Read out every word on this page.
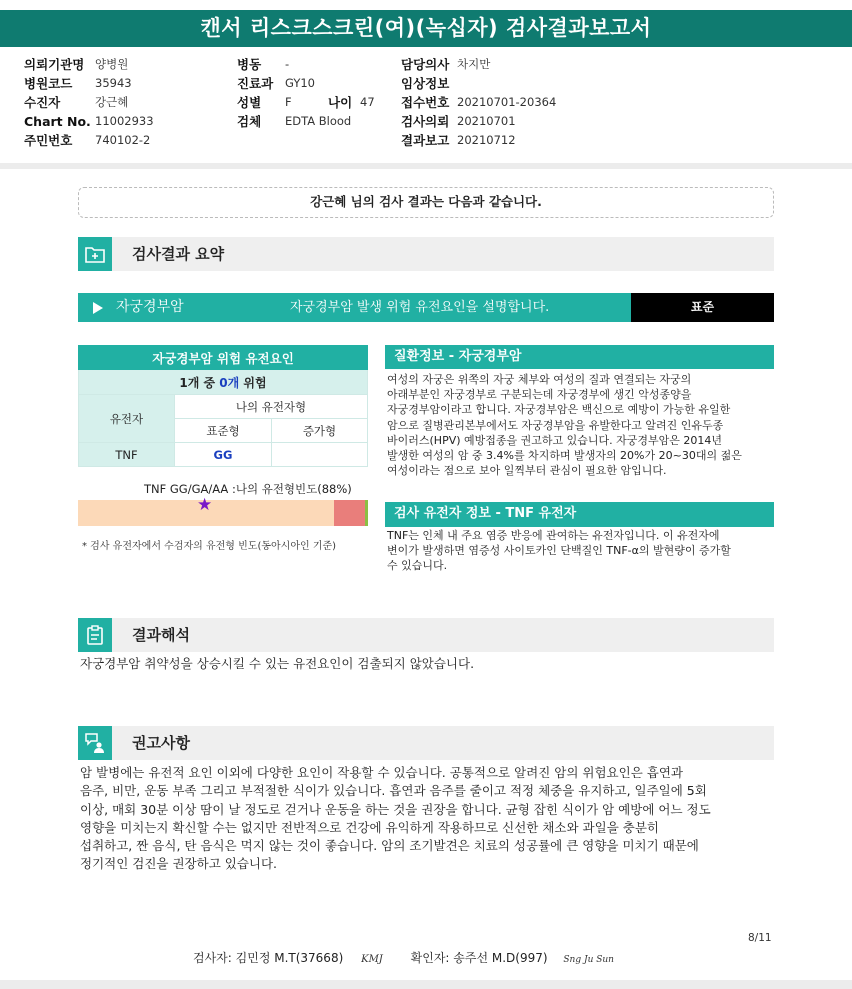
캔서 리스크스크린(여)(녹십자) 검사결과보고서
의뢰기관명 양병원
병원코드	35943
수진자	강근혜
Chart No. 11002933
주민번호	740102-2
병동	-
진료과	GY10
성별	F	나이 47
검체	EDTA Blood
담당의사 차지만
임상정보
접수번호 20210701-20364
검사의뢰 20210701
결과보고 20210712
강근혜 님의 검사 결과는 다음과 같습니다.
검사결과 요약
자궁경부암	자궁경부암 발생 위험 유전요인을 설명합니다.	표준
자궁경부암 위험 유전요인		
1개 중 0개 위험		
유전자	나의 유전자형	
	표준형	증가형
TNF	GG	
TNF GG/GA/AA :나의 유전형빈도(88%)
★
* 검사 유전자에서 수검자의 유전형 빈도(동아시아인 기준)
질환정보 - 자궁경부암
여성의 자궁은 위쪽의 자궁 체부와 여성의 질과 연결되는 자궁의
아래부분인 자궁경부로 구분되는데 자궁경부에 생긴 악성종양을
자궁경부암이라고 합니다. 자궁경부암은 백신으로 예방이 가능한 유일한
암으로 질병관리본부에서도 자궁경부암을 유발한다고 알려진 인유두종
바이러스(HPV) 예방접종을 권고하고 있습니다. 자궁경부암은 2014년
발생한 여성의 암 중 3.4%를 차지하며 발생자의 20%가 20~30대의 젊은
여성이라는 점으로 보아 일찍부터 관심이 필요한 암입니다.
검사 유전자 정보 - TNF 유전자
TNF는 인체 내 주요 염증 반응에 관여하는 유전자입니다. 이 유전자에
변이가 발생하면 염증성 사이토카인 단백질인 TNF-α의 발현량이 증가할
수 있습니다.
결과해석
자궁경부암 취약성을 상승시킬 수 있는 유전요인이 검출되지 않았습니다.
권고사항
암 발병에는 유전적 요인 이외에 다양한 요인이 작용할 수 있습니다. 공통적으로 알려진 암의 위험요인은 흡연과
음주, 비만, 운동 부족 그리고 부적절한 식이가 있습니다. 흡연과 음주를 줄이고 적정 체중을 유지하고, 일주일에 5회
이상, 매회 30분 이상 땀이 날 정도로 걷거나 운동을 하는 것을 권장을 합니다. 균형 잡힌 식이가 암 예방에 어느 정도
영향을 미치는지 확신할 수는 없지만 전반적으로 건강에 유익하게 작용하므로 신선한 채소와 과일을 충분히
섭취하고, 짠 음식, 탄 음식은 먹지 않는 것이 좋습니다. 암의 조기발견은 치료의 성공률에 큰 영향을 미치기 때문에
정기적인 검진을 권장하고 있습니다.
8/11
검사자: 김민정 M.T(37668) KMJ 확인자: 송주선 M.D(997) Sng Ju Sun
